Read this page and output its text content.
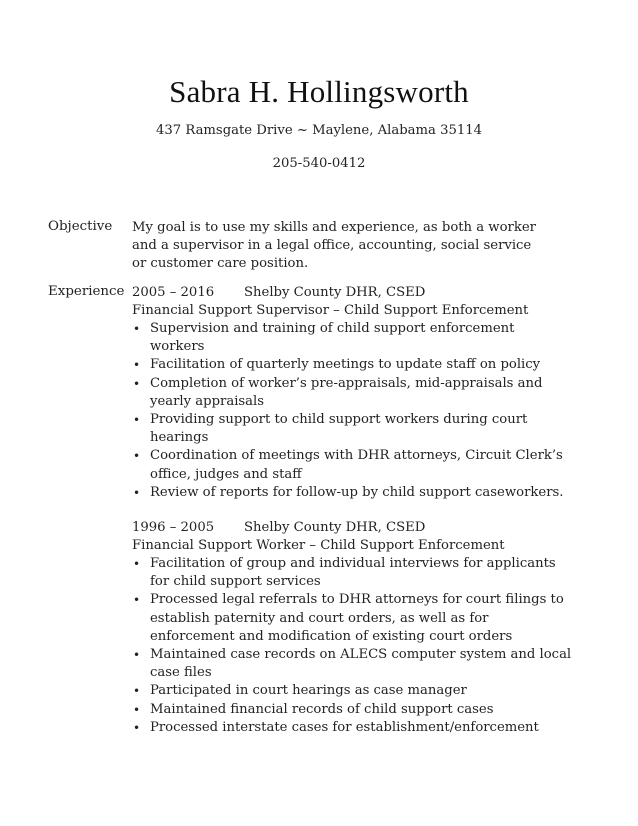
Sabra H. Hollingsworth
437 Ramsgate Drive ~ Maylene, Alabama 35114
205-540-0412
Objective My goal is to use my skills and experience, as both a worker and a supervisor in a legal office, accounting, social service or customer care position.
Experience 2005 – 2016 Shelby County DHR, CSED
Financial Support Supervisor – Child Support Enforcement
• Supervision and training of child support enforcement workers
• Facilitation of quarterly meetings to update staff on policy
• Completion of worker’s pre-appraisals, mid-appraisals and yearly appraisals
• Providing support to child support workers during court hearings
• Coordination of meetings with DHR attorneys, Circuit Clerk’s office, judges and staff
• Review of reports for follow-up by child support caseworkers.
1996 – 2005 Shelby County DHR, CSED
Financial Support Worker – Child Support Enforcement
• Facilitation of group and individual interviews for applicants for child support services
• Processed legal referrals to DHR attorneys for court filings to establish paternity and court orders, as well as for enforcement and modification of existing court orders
• Maintained case records on ALECS computer system and local case files
• Participated in court hearings as case manager
• Maintained financial records of child support cases
• Processed interstate cases for establishment/enforcement
